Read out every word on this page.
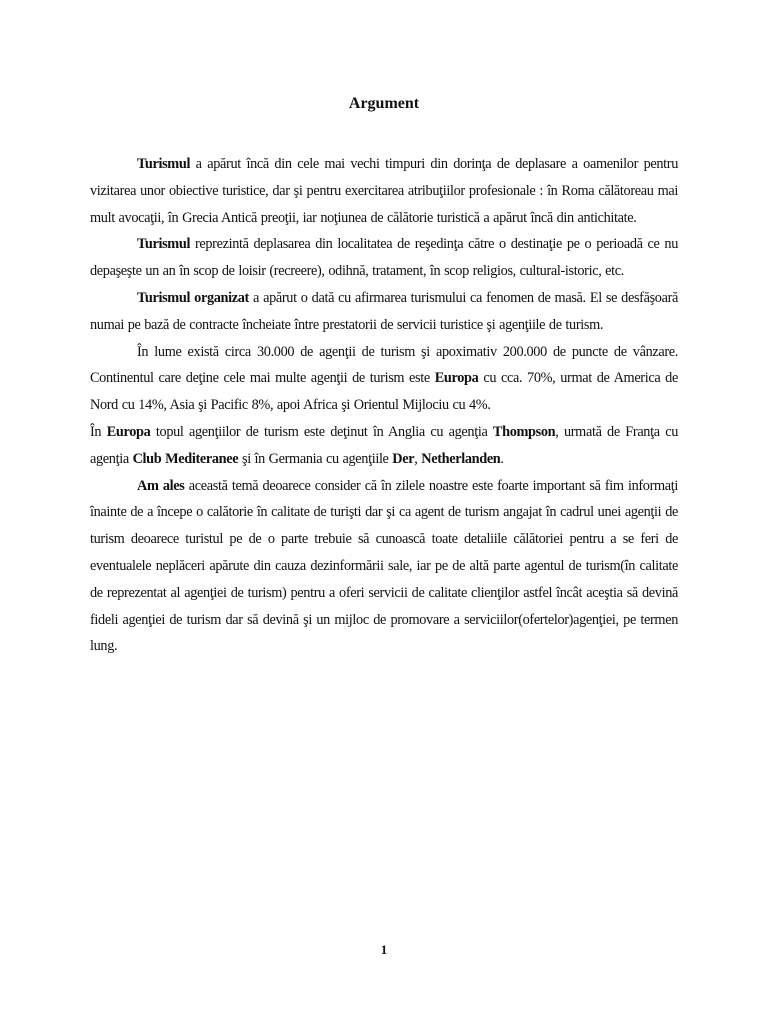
Argument

Turismul a apărut încă din cele mai vechi timpuri din dorinţa de deplasare a oamenilor pentru vizitarea unor obiective turistice, dar şi pentru exercitarea atribuţiilor profesionale : în Roma călătoreau mai mult avocaţii, în Grecia Antică preoţii, iar noţiunea de călătorie turistică a apărut încă din antichitate.

Turismul reprezintă deplasarea din localitatea de reşedinţa către o destinaţie pe o perioadă ce nu depaşeşte un an în scop de loisir (recreere), odihnă, tratament, în scop religios, cultural-istoric, etc.

Turismul organizat a apărut o dată cu afirmarea turismului ca fenomen de masă. El se desfăşoară numai pe bază de contracte încheiate între prestatorii de servicii turistice şi agenţiile de turism.

În lume există circa 30.000 de agenţii de turism şi apoximativ 200.000 de puncte de vânzare. Continentul care deţine cele mai multe agenţii de turism este Europa cu cca. 70%, urmat de America de Nord cu 14%, Asia şi Pacific 8%, apoi Africa şi Orientul Mijlociu cu 4%.

În Europa topul agenţiilor de turism este deţinut în Anglia cu agenţia Thompson, urmată de Franţa cu agenţia Club Mediteranee şi în Germania cu agenţiile Der, Netherlanden.

Am ales această temă deoarece consider că în zilele noastre este foarte important să fim informaţi înainte de a începe o calătorie în calitate de turişti dar şi ca agent de turism angajat în cadrul unei agenţii de turism deoarece turistul pe de o parte trebuie să cunoască toate detaliile călătoriei pentru a se feri de eventualele neplăceri apărute din cauza dezinformării sale, iar pe de altă parte agentul de turism(în calitate de reprezentat al agenţiei de turism) pentru a oferi servicii de calitate clienţilor astfel încât aceştia să devină fideli agenţiei de turism dar să devină şi un mijloc de promovare a serviciilor(ofertelor)agenţiei, pe termen lung.

1
